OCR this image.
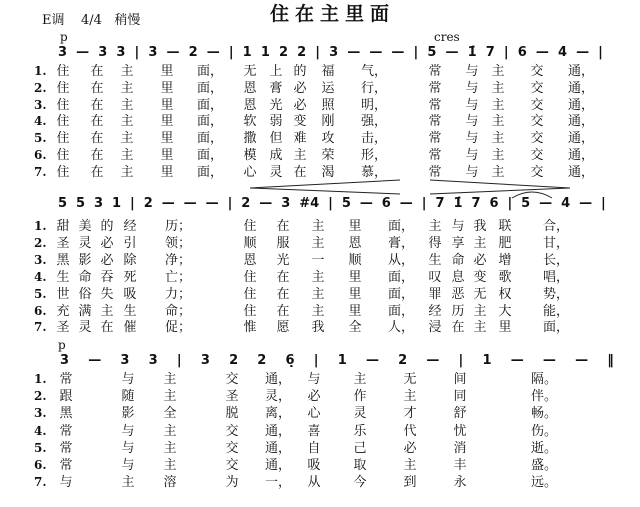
住在主里面
E调 4/4 稍慢
p	cres
p
3 — 3 3 | 3 — 2 — | 1 1 2 2 | 3 — — — | 5 — 1̇ 7 | 6 — 4 — |
1. 住 在 主 里 面， 无 上 的 福 气，	常 与 主 交 通，
2. 住 在 主 里 面， 恩 膏 必 运 行，	常 与 主 交 通，
3. 住 在 主 里 面， 恩 光 必 照 明，	常 与 主 交 通，
4. 住 在 主 里 面， 软 弱 变 刚 强，	常 与 主 交 通，
5. 住 在 主 里 面， 撒 但 难 攻 击，	常 与 主 交 通，
6. 住 在 主 里 面， 模 成 主 荣 形，	常 与 主 交 通，
7. 住 在 主 里 面， 心 灵 在 渴 慕，	常 与 主 交 通，
5 5 3 1 | 2 — — — | 2 — 3 #4 | 5 — 6 — | 7 1̇ 7 6 | 5 — 4 — |
1. 甜 美 的 经 历；	住 在 主 里 面， 主 与 我 联 合，
2. 圣 灵 必 引 领；	顺 服 主 恩 膏， 得 享 主 肥 甘，
3. 黑 影 必 除 净；	恩 光 一 顺 从， 生 命 必 增 长，
4. 生 命 吞 死 亡；	住 在 主 里 面， 叹 息 变 歌 唱，
5. 世 俗 失 吸 力；	住 在 主 里 面， 罪 恶 无 权 势，
6. 充 满 主 生 命；	住 在 主 里 面， 经 历 主 大 能，
7. 圣 灵 在 催 促；	惟 愿 我 全 人， 浸 在 主 里 面，
3 — 3 3 | 3 2 2 6̣ | 1 — 2 — | 1 — — — ‖
1. 常	与 主	交 通， 与	主	无	间	隔。
2. 跟	随 主	圣 灵， 必	作	主	同	伴。
3. 黑	影 全	脱 离， 心	灵	才	舒	畅。
4. 常	与 主	交 通， 喜	乐	代	忧	伤。
5. 常	与 主	交 通， 自	己	必	消	逝。
6. 常	与 主	交 通， 吸	取	主	丰	盛。
7. 与	主 溶	为 一， 从	今	到	永	远。
